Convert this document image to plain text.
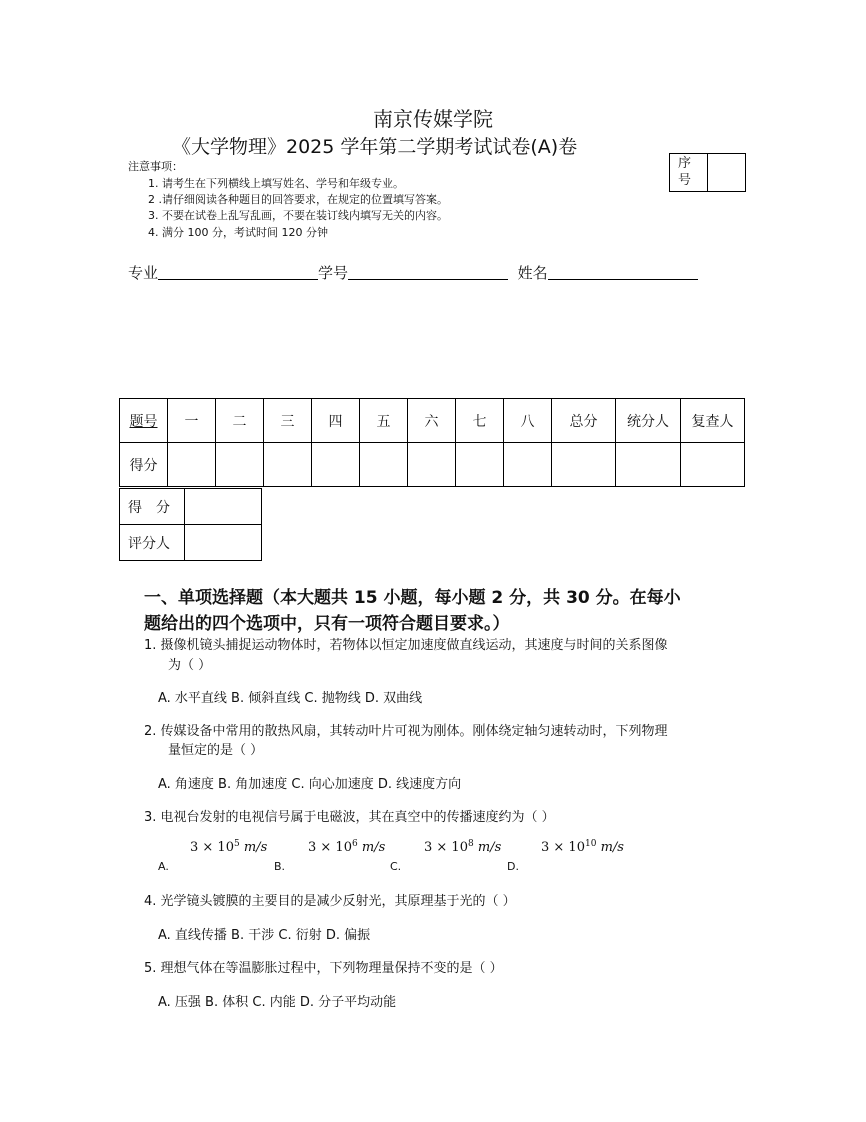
南京传媒学院
《大学物理》2025 学年第二学期考试试卷(A)卷
序
号
注意事项：
1. 请考生在下列横线上填写姓名、学号和年级专业。
2 .请仔细阅读各种题目的回答要求，在规定的位置填写答案。
3. 不要在试卷上乱写乱画，不要在装订线内填写无关的内容。
4. 满分 100 分，考试时间 120 分钟
专业	学号	姓名
题号	一	二	三	四	五	六	七	八	总分	统分人	复查人
得分											
得　分	
评分人	
一、单项选择题（本大题共 15 小题，每小题 2 分，共 30 分。在每小
题给出的四个选项中，只有一项符合题目要求。）
1. 摄像机镜头捕捉运动物体时，若物体以恒定加速度做直线运动，其速度与时间的关系图像
为（ ）
A. 水平直线 B. 倾斜直线 C. 抛物线 D. 双曲线
2. 传媒设备中常用的散热风扇，其转动叶片可视为刚体。刚体绕定轴匀速转动时，下列物理
量恒定的是（ ）
A. 角速度 B. 角加速度 C. 向心加速度 D. 线速度方向
3. 电视台发射的电视信号属于电磁波，其在真空中的传播速度约为（ ）
$3 \times 10^5$ m/s
A.
$3 \times 10^6$ m/s
B.
$3 \times 10^8$ m/s
C.
$3 \times 10^{10}$ m/s
D.
4. 光学镜头镀膜的主要目的是减少反射光，其原理基于光的（ ）
A. 直线传播 B. 干涉 C. 衍射 D. 偏振
5. 理想气体在等温膨胀过程中，下列物理量保持不变的是（ ）
A. 压强 B. 体积 C. 内能 D. 分子平均动能
